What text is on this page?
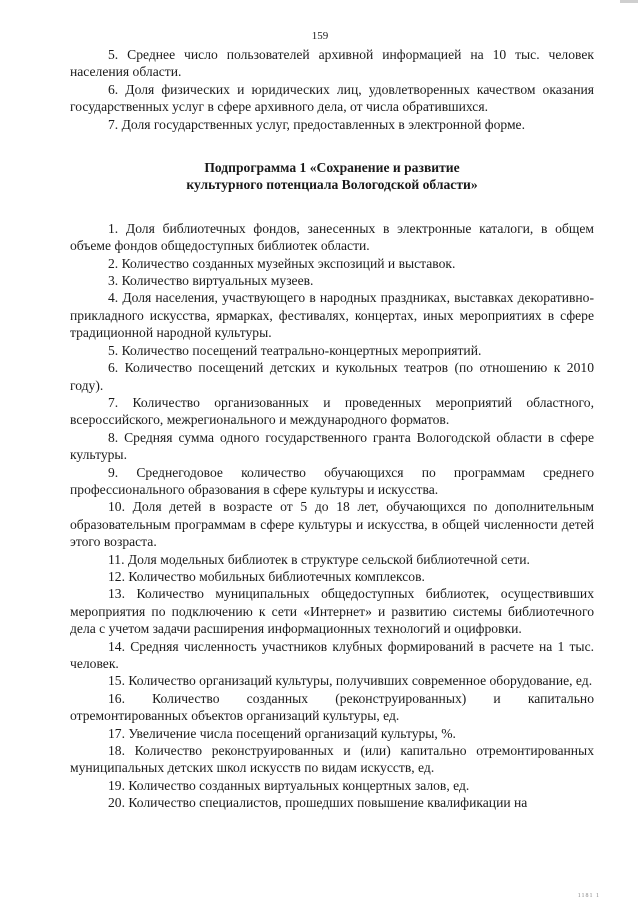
159

5. Среднее число пользователей архивной информацией на 10 тыс. человек населения области.

6. Доля физических и юридических лиц, удовлетворенных качеством оказания государственных услуг в сфере архивного дела, от числа обратившихся.

7. Доля государственных услуг, предоставленных в электронной форме.

Подпрограмма 1 «Сохранение и развитие
культурного потенциала Вологодской области»

1. Доля библиотечных фондов, занесенных в электронные каталоги, в общем объеме фондов общедоступных библиотек области.

2. Количество созданных музейных экспозиций и выставок.

3. Количество виртуальных музеев.

4. Доля населения, участвующего в народных праздниках, выставках декоративно-прикладного искусства, ярмарках, фестивалях, концертах, иных мероприятиях в сфере традиционной народной культуры.

5. Количество посещений театрально-концертных мероприятий.

6. Количество посещений детских и кукольных театров (по отношению к 2010 году).

7. Количество организованных и проведенных мероприятий областного, всероссийского, межрегионального и международного форматов.

8. Средняя сумма одного государственного гранта Вологодской области в сфере культуры.

9. Среднегодовое количество обучающихся по программам среднего профессионального образования в сфере культуры и искусства.

10. Доля детей в возрасте от 5 до 18 лет, обучающихся по дополнительным образовательным программам в сфере культуры и искусства, в общей численности детей этого возраста.

11. Доля модельных библиотек в структуре сельской библиотечной сети.

12. Количество мобильных библиотечных комплексов.

13. Количество муниципальных общедоступных библиотек, осуществивших мероприятия по подключению к сети «Интернет» и развитию системы библиотечного дела с учетом задачи расширения информационных технологий и оцифровки.

14. Средняя численность участников клубных формирований в расчете на 1 тыс. человек.

15. Количество организаций культуры, получивших современное оборудование, ед.

16. Количество созданных (реконструированных) и капитально отремонтированных объектов организаций культуры, ед.

17. Увеличение числа посещений организаций культуры, %.

18. Количество реконструированных и (или) капитально отремонтированных муниципальных детских школ искусств по видам искусств, ед.

19. Количество созданных виртуальных концертных залов, ед.

20. Количество специалистов, прошедших повышение квалификации на

1181 1
